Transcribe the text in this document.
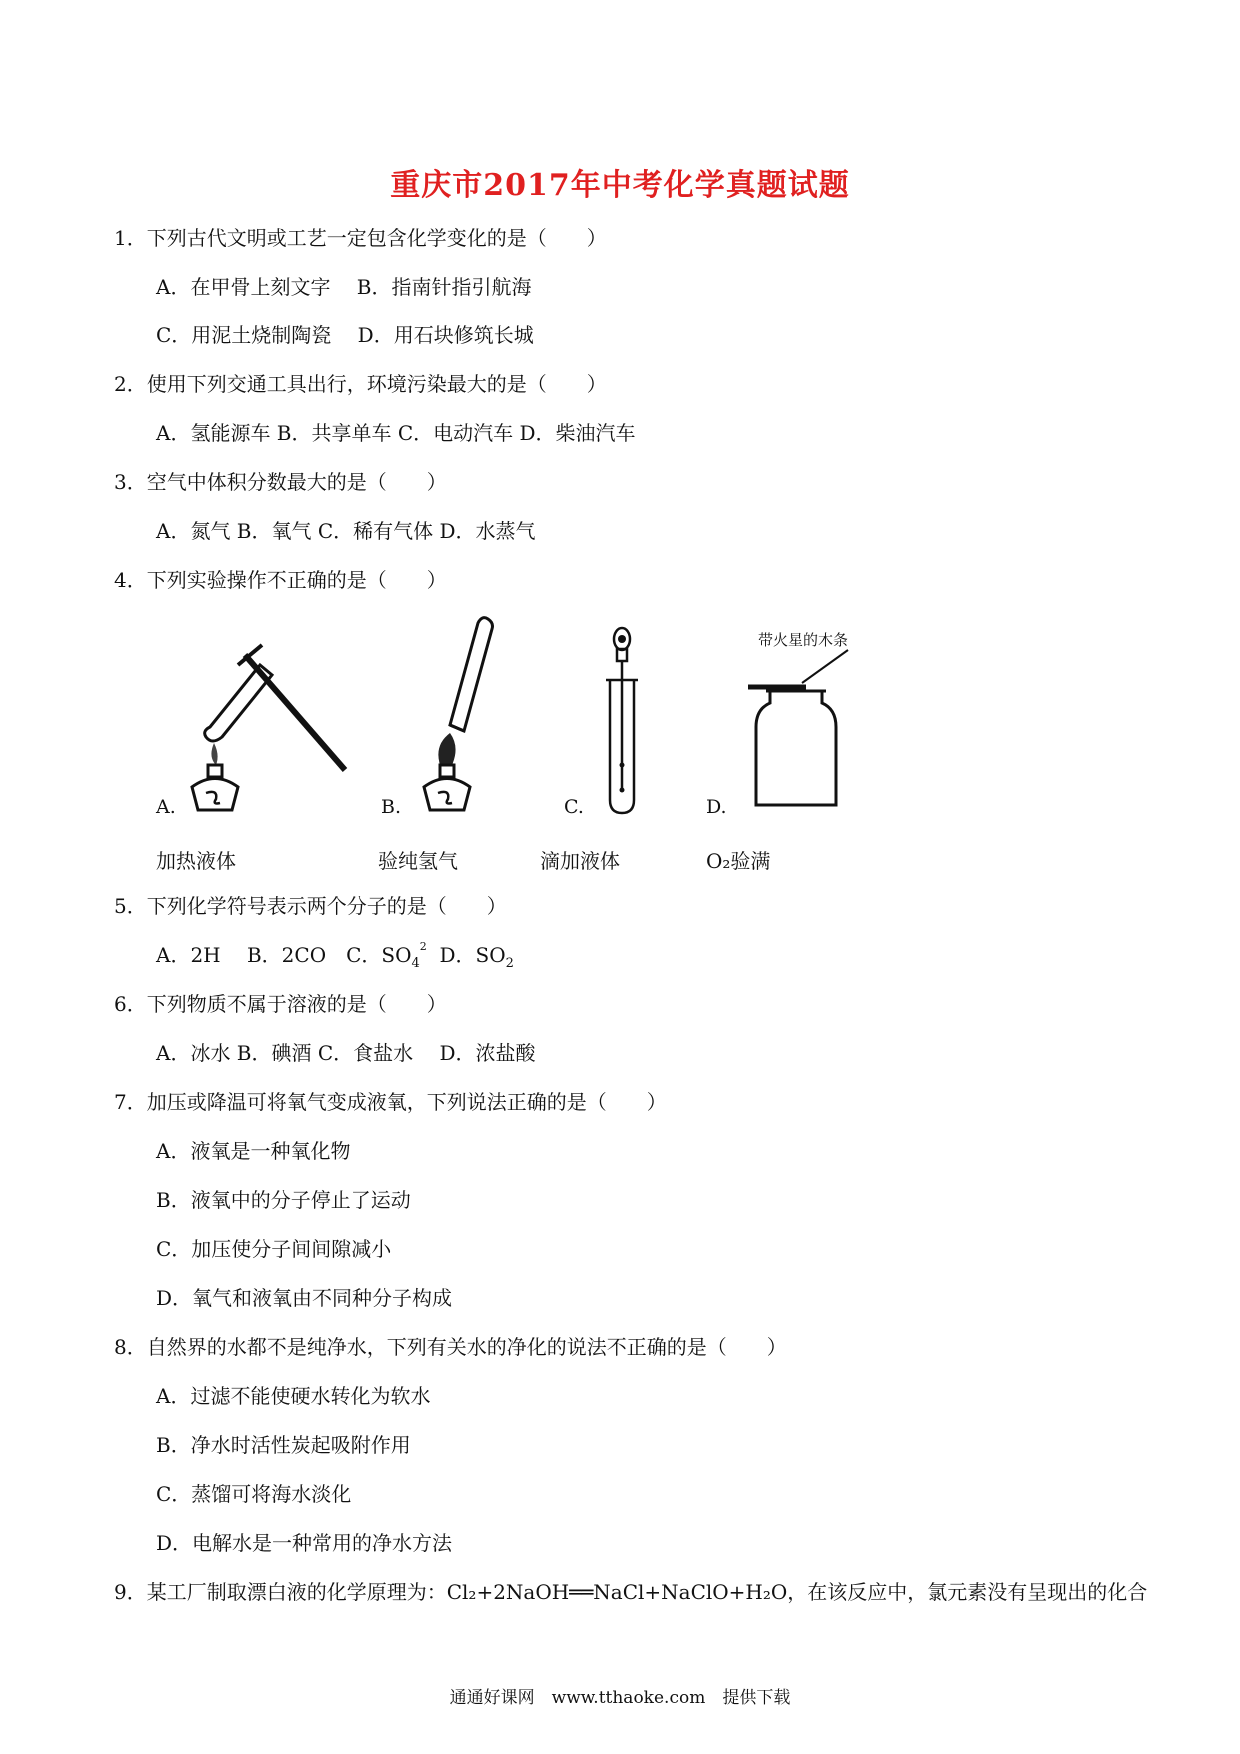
重庆市2017年中考化学真题试题
1．下列古代文明或工艺一定包含化学变化的是（　　）
A．在甲骨上刻文字　 B．指南针指引航海
C．用泥土烧制陶瓷　 D．用石块修筑长城
2．使用下列交通工具出行，环境污染最大的是（　　）
A．氢能源车 B．共享单车 C．电动汽车 D．柴油汽车
3．空气中体积分数最大的是（　　）
A．氮气 B．氧气 C．稀有气体 D．水蒸气
4．下列实验操作不正确的是（　　）
A.
加热液体
B.
验纯氢气
C.
滴加液体
带火星的木条
D.
O₂验满
5．下列化学符号表示两个分子的是（　　）
A．2H　 B．2CO　C．$SO_4^2$  D．$SO_2$
6．下列物质不属于溶液的是（　　）
A．冰水 B．碘酒 C．食盐水　 D．浓盐酸
7．加压或降温可将氧气变成液氧，下列说法正确的是（　　）
A．液氧是一种氧化物
B．液氧中的分子停止了运动
C．加压使分子间间隙减小
D．氧气和液氧由不同种分子构成
8．自然界的水都不是纯净水，下列有关水的净化的说法不正确的是（　　）
A．过滤不能使硬水转化为软水
B．净水时活性炭起吸附作用
C．蒸馏可将海水淡化
D．电解水是一种常用的净水方法
9．某工厂制取漂白液的化学原理为：Cl₂+2NaOH══NaCl+NaClO+H₂O，在该反应中，氯元素没有呈现出的化合
通通好课网　www.tthaoke.com　提供下载
